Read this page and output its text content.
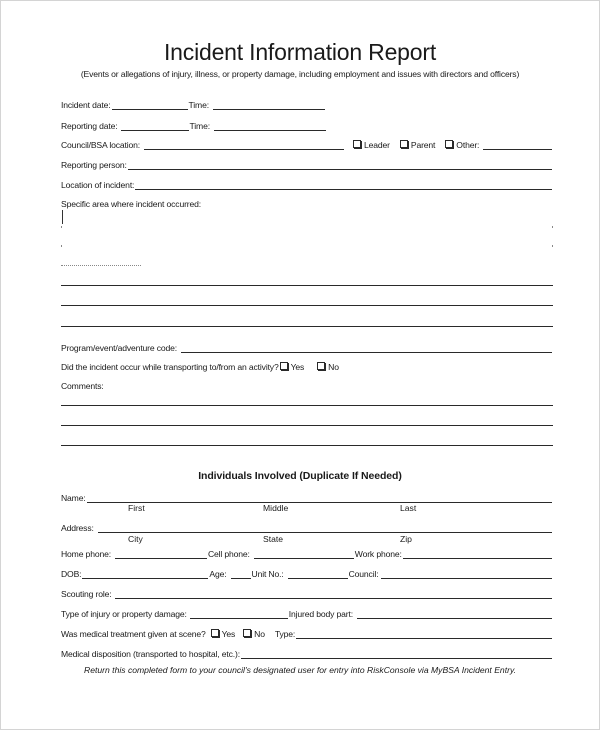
Incident Information Report
(Events or allegations of injury, illness, or property damage, including employment and issues with directors and officers)
Incident date:	Time:
Reporting date:	Time:
Council/BSA location:	Leader	Parent	Other:
Reporting person:
Location of incident:
Specific area where incident occurred:
Program/event/adventure code:
Did the incident occur while transporting to/from an activity?	Yes	No
Comments:
Individuals Involved (Duplicate If Needed)
Name:
First	Middle	Last
Address:
City	State	Zip
Home phone:	Cell phone:	Work phone:
DOB:	Age:	Unit No.:	Council:
Scouting role:
Type of injury or property damage:	Injured body part:
Was medical treatment given at scene?	Yes	No Type:
Medical disposition (transported to hospital, etc.):
Return this completed form to your council's designated user for entry into RiskConsole via MyBSA Incident Entry.
